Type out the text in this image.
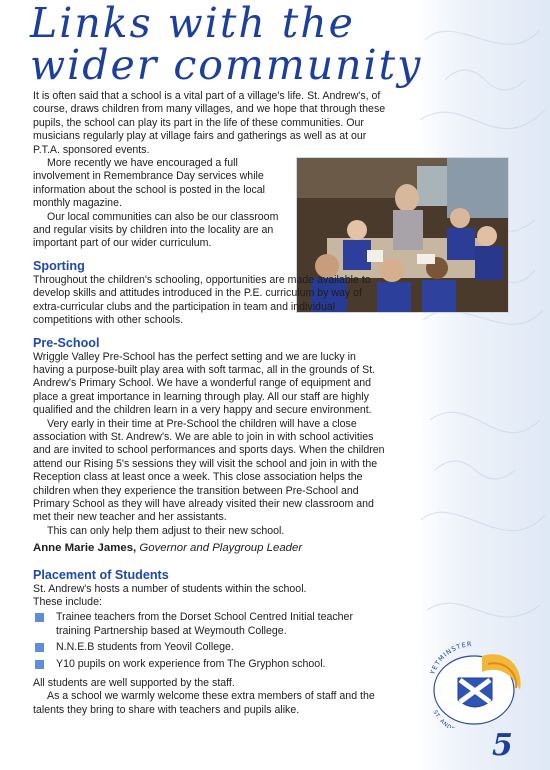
Links with the wider community

It is often said that a school is a vital part of a village's life. St. Andrew's, of course, draws children from many villages, and we hope that through these pupils, the school can play its part in the life of these communities. Our musicians regularly play at village fairs and gatherings as well as at our P.T.A. sponsored events.

More recently we have encouraged a full involvement in Remembrance Day services while information about the school is posted in the local monthly magazine.

Our local communities can also be our classroom and regular visits by children into the locality are an important part of our wider curriculum.

Sporting

Throughout the children's schooling, opportunities are made available to develop skills and attitudes introduced in the P.E. curriculum by way of extra-curricular clubs and the participation in team and individual competitions with other schools.

Pre-School

Wriggle Valley Pre-School has the perfect setting and we are lucky in having a purpose-built play area with soft tarmac, all in the grounds of St. Andrew's Primary School. We have a wonderful range of equipment and place a great importance in learning through play. All our staff are highly qualified and the children learn in a very happy and secure environment.

Very early in their time at Pre-School the children will have a close association with St. Andrew's. We are able to join in with school activities and are invited to school performances and sports days. When the children attend our Rising 5's sessions they will visit the school and join in with the Reception class at least once a week. This close association helps the children when they experience the transition between Pre-School and Primary School as they will have already visited their new classroom and met their new teacher and her assistants.

This can only help them adjust to their new school.

Anne Marie James, Governor and Playgroup Leader

Placement of Students

St. Andrew's hosts a number of students within the school.

These include:

Trainee teachers from the Dorset School Centred Initial teacher training Partnership based at Weymouth College.
N.N.E.B students from Yeovil College.
Y10 pupils on work experience from The Gryphon school.

All students are well supported by the staff.

As a school we warmly welcome these extra members of staff and the talents they bring to share with teachers and pupils alike.

YETMINSTER
ST. AND
5
